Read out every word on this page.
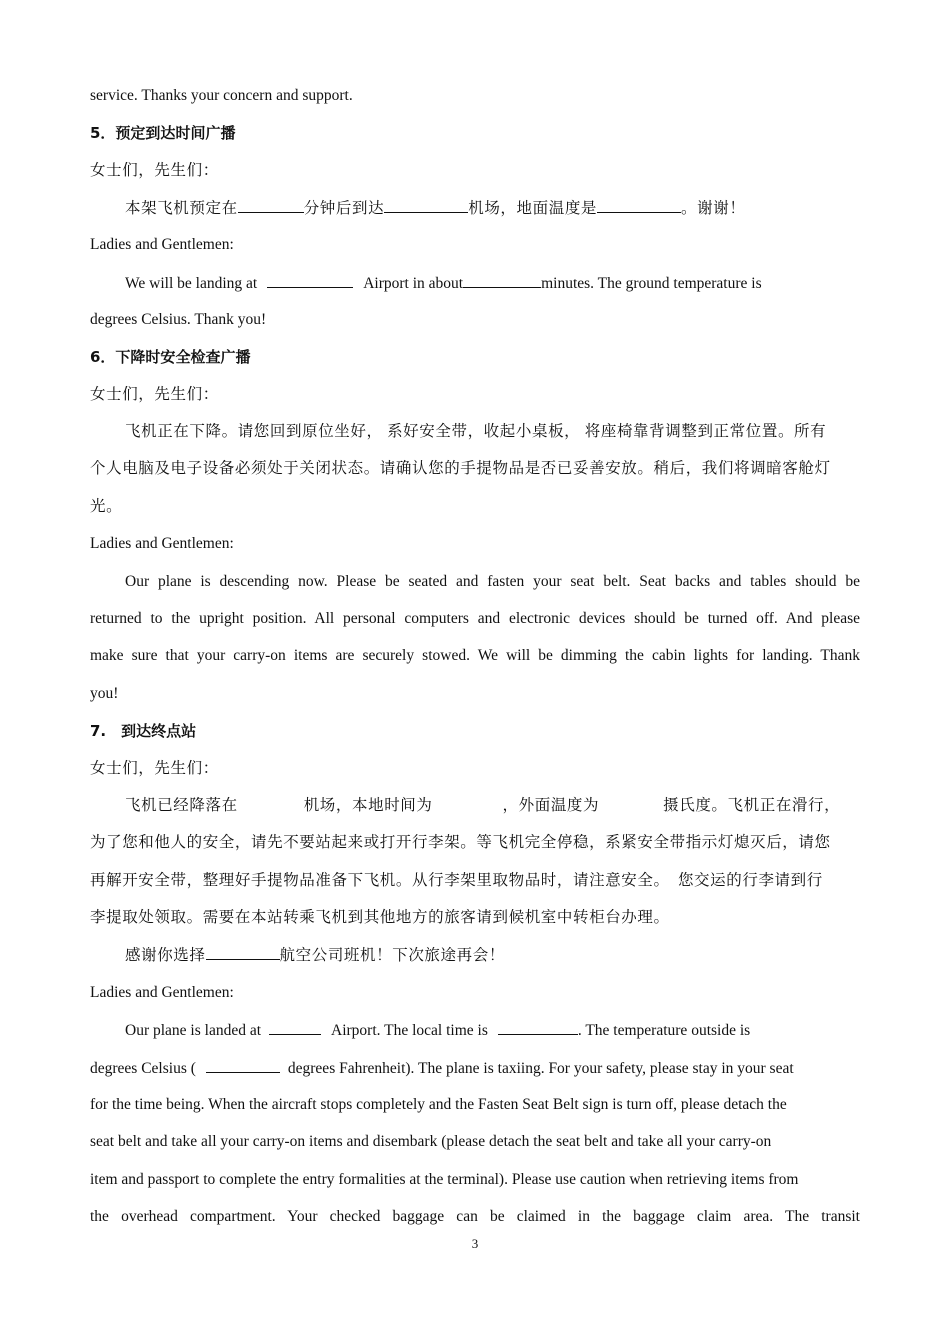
service. Thanks your concern and support.
5．预定到达时间广播
女士们，先生们：
本架飞机预定在	分钟后到达	机场，地面温度是	。谢谢！
Ladies and Gentlemen:
We will be landing at	Airport in about	minutes. The ground temperature is
degrees Celsius. Thank you!
6．下降时安全检查广播
女士们，先生们：
飞机正在下降。请您回到原位坐好， 系好安全带，收起小桌板， 将座椅靠背调整到正常位置。所有
个人电脑及电子设备必须处于关闭状态。请确认您的手提物品是否已妥善安放。稍后，我们将调暗客舱灯
光。
Ladies and Gentlemen:
Our plane is descending now. Please be seated and fasten your seat belt. Seat backs and tables should be
returned to the upright position. All personal computers and electronic devices should be turned off. And please
make sure that your carry-on items are securely stowed. We will be dimming the cabin lights for landing. Thank
you!
7.　到达终点站
女士们，先生们：
飞机已经降落在	机场，本地时间为	，外面温度为	摄氏度。飞机正在滑行，
为了您和他人的安全，请先不要站起来或打开行李架。等飞机完全停稳，系紧安全带指示灯熄灭后，请您
再解开安全带，整理好手提物品准备下飞机。从行李架里取物品时，请注意安全。　您交运的行李请到行
李提取处领取。需要在本站转乘飞机到其他地方的旅客请到候机室中转柜台办理。
感谢你选择	航空公司班机！下次旅途再会！
Ladies and Gentlemen:
Our plane is landed at	Airport. The local time is	. The temperature outside is
degrees Celsius (	degrees Fahrenheit). The plane is taxiing. For your safety, please stay in your seat
for the time being. When the aircraft stops completely and the Fasten Seat Belt sign is turn off, please detach the
seat belt and take all your carry-on items and disembark (please detach the seat belt and take all your carry-on
item and passport to complete the entry formalities at the terminal). Please use caution when retrieving items from
the overhead compartment. Your checked baggage can be claimed in the baggage claim area. The transit
3
